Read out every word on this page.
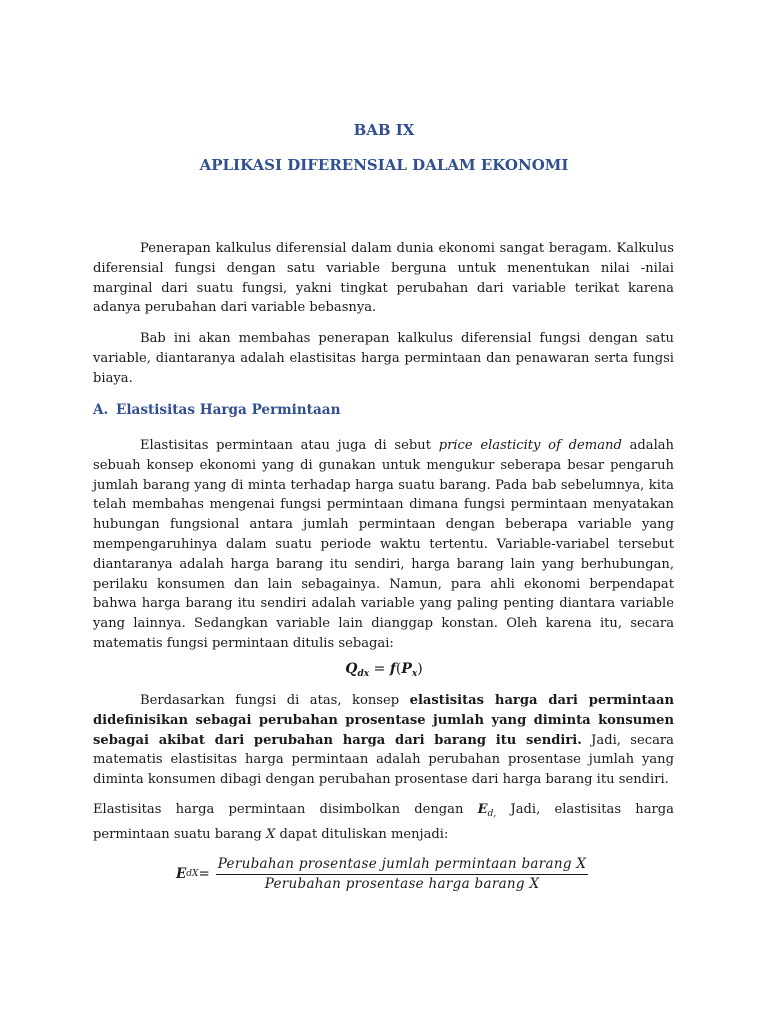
BAB IX
APLIKASI DIFERENSIAL DALAM EKONOMI

Penerapan kalkulus diferensial dalam dunia ekonomi sangat beragam. Kalkulus diferensial fungsi dengan satu variable berguna untuk menentukan nilai -nilai marginal dari suatu fungsi, yakni tingkat perubahan dari variable terikat karena adanya perubahan dari variable bebasnya.

Bab ini akan membahas penerapan kalkulus diferensial fungsi dengan satu variable, diantaranya adalah elastisitas harga permintaan dan penawaran serta fungsi biaya.

A. Elastisitas Harga Permintaan

Elastisitas permintaan atau juga di sebut price elasticity of demand adalah sebuah konsep ekonomi yang di gunakan untuk mengukur seberapa besar pengaruh jumlah barang yang di minta terhadap harga suatu barang. Pada bab sebelumnya, kita telah membahas mengenai fungsi permintaan dimana fungsi permintaan menyatakan hubungan fungsional antara jumlah permintaan dengan beberapa variable yang mempengaruhinya dalam suatu periode waktu tertentu. Variable-variabel tersebut diantaranya adalah harga barang itu sendiri, harga barang lain yang berhubungan, perilaku konsumen dan lain sebagainya. Namun, para ahli ekonomi berpendapat bahwa harga barang itu sendiri adalah variable yang paling penting diantara variable yang lainnya. Sedangkan variable lain dianggap konstan. Oleh karena itu, secara matematis fungsi permintaan ditulis sebagai:

$Q_{dx} = f(P_x)$

Berdasarkan fungsi di atas, konsep elastisitas harga dari permintaan didefinisikan sebagai perubahan prosentase jumlah yang diminta konsumen sebagai akibat dari perubahan harga dari barang itu sendiri. Jadi, secara matematis elastisitas harga permintaan adalah perubahan prosentase jumlah yang diminta konsumen dibagi dengan perubahan prosentase dari harga barang itu sendiri.

Elastisitas harga permintaan disimbolkan dengan $E_{d,}$ Jadi, elastisitas harga permintaan suatu barang X dapat dituliskan menjadi:

E dX = $\frac{\text{Perubahan prosentase jumlah permintaan barang X}}{\text{Perubahan prosentase harga barang X}}$
